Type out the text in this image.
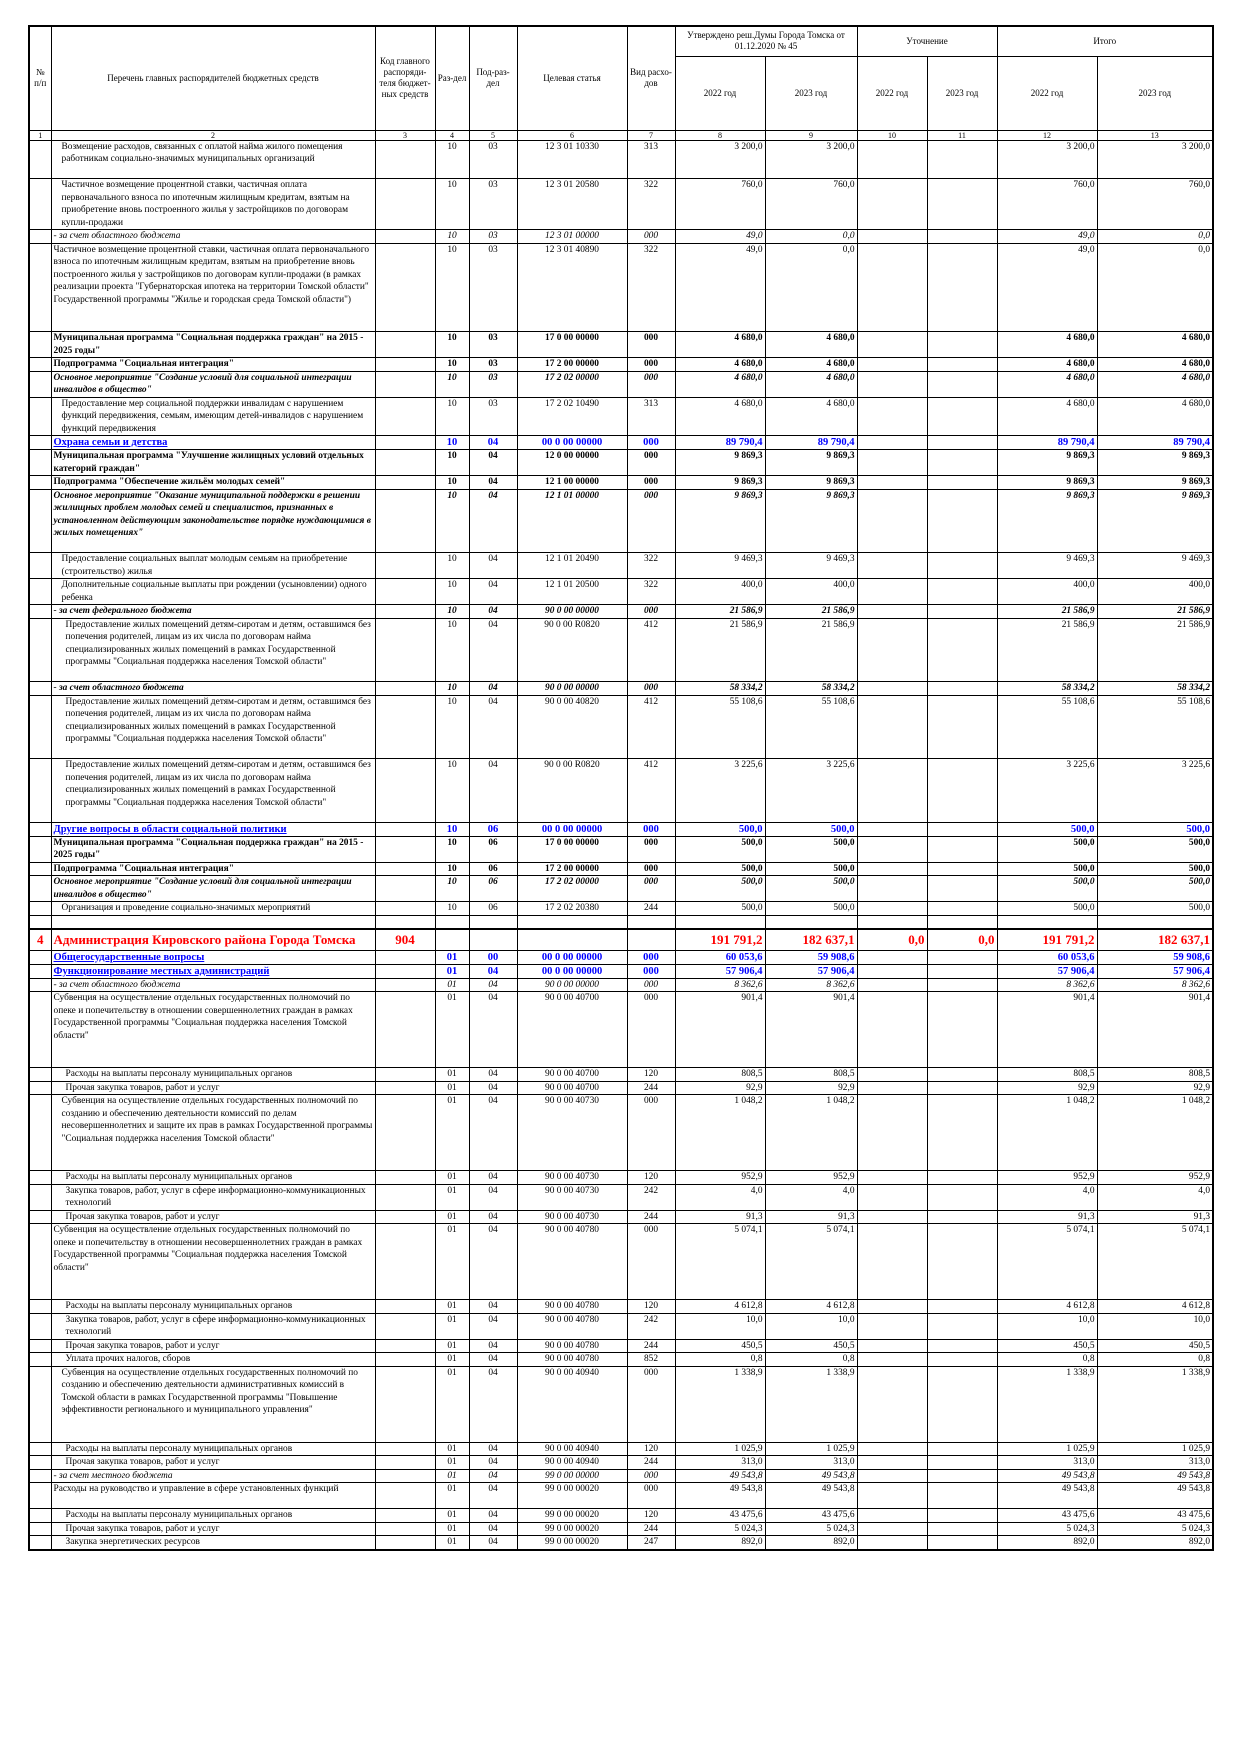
№ п/п	Перечень главных распорядителей бюджетных средств	Код главного распоряди-теля бюджет-ных средств	Раз-дел	Под-раз-дел	Целевая статья	Вид расхо-дов	Утверждено реш.Думы Города Томска от 01.12.2020 № 45		Уточнение		Итого	
							2022 год	2023 год	2022 год	2023 год	2022 год	2023 год
1	2	3	4	5	6	7	8	9	10	11	12	13
	Возмещение расходов, связанных с оплатой найма жилого помещения работникам социально-значимых муниципальных организаций		10	03	12 3 01 10330	313	3 200,0	3 200,0			3 200,0	3 200,0
	Частичное возмещение процентной ставки, частичная оплата первоначального взноса по ипотечным жилищным кредитам, взятым на приобретение вновь построенного жилья у застройщиков по договорам купли-продажи		10	03	12 3 01 20580	322	760,0	760,0			760,0	760,0
	- за счет областного бюджета		10	03	12 3 01 00000	000	49,0	0,0			49,0	0,0
	Частичное возмещение процентной ставки, частичная оплата первоначального взноса по ипотечным жилищным кредитам, взятым на приобретение вновь построенного жилья у застройщиков по договорам купли-продажи (в рамках реализации проекта "Губернаторская ипотека на территории Томской области" Государственной программы "Жилье и городская среда Томской области")		10	03	12 3 01 40890	322	49,0	0,0			49,0	0,0
	Муниципальная программа "Социальная поддержка граждан" на 2015 - 2025 годы"		10	03	17 0 00 00000	000	4 680,0	4 680,0			4 680,0	4 680,0
	Подпрограмма "Социальная интеграция"		10	03	17 2 00 00000	000	4 680,0	4 680,0			4 680,0	4 680,0
	Основное мероприятие "Создание условий для социальной интеграции инвалидов в общество"		10	03	17 2 02 00000	000	4 680,0	4 680,0			4 680,0	4 680,0
	Предоставление мер социальной поддержки инвалидам с нарушением функций передвижения, семьям, имеющим детей-инвалидов с нарушением функций передвижения		10	03	17 2 02 10490	313	4 680,0	4 680,0			4 680,0	4 680,0
	Охрана семьи и детства		10	04	00 0 00 00000	000	89 790,4	89 790,4			89 790,4	89 790,4
	Муниципальная программа "Улучшение жилищных условий отдельных категорий граждан"		10	04	12 0 00 00000	000	9 869,3	9 869,3			9 869,3	9 869,3
	Подпрограмма "Обеспечение жильём молодых семей"		10	04	12 1 00 00000	000	9 869,3	9 869,3			9 869,3	9 869,3
	Основное мероприятие "Оказание муниципальной поддержки в решении жилищных проблем молодых семей и специалистов, признанных в установленном действующим законодательстве порядке нуждающимися в жилых помещениях"		10	04	12 1 01 00000	000	9 869,3	9 869,3			9 869,3	9 869,3
	Предоставление социальных выплат молодым семьям на приобретение (строительство) жилья		10	04	12 1 01 20490	322	9 469,3	9 469,3			9 469,3	9 469,3
	Дополнительные социальные выплаты при рождении (усыновлении) одного ребенка		10	04	12 1 01 20500	322	400,0	400,0			400,0	400,0
	- за счет федерального бюджета		10	04	90 0 00 00000	000	21 586,9	21 586,9			21 586,9	21 586,9
	Предоставление жилых помещений детям-сиротам и детям, оставшимся без попечения родителей, лицам из их числа по договорам найма специализированных жилых помещений в рамках Государственной программы "Социальная поддержка населения Томской области"		10	04	90 0 00 R0820	412	21 586,9	21 586,9			21 586,9	21 586,9
	- за счет областного бюджета		10	04	90 0 00 00000	000	58 334,2	58 334,2			58 334,2	58 334,2
	Предоставление жилых помещений детям-сиротам и детям, оставшимся без попечения родителей, лицам из их числа по договорам найма специализированных жилых помещений в рамках Государственной программы "Социальная поддержка населения Томской области"		10	04	90 0 00 40820	412	55 108,6	55 108,6			55 108,6	55 108,6
	Предоставление жилых помещений детям-сиротам и детям, оставшимся без попечения родителей, лицам из их числа по договорам найма специализированных жилых помещений в рамках Государственной программы "Социальная поддержка населения Томской области"		10	04	90 0 00 R0820	412	3 225,6	3 225,6			3 225,6	3 225,6
	Другие вопросы в области социальной политики		10	06	00 0 00 00000	000	500,0	500,0			500,0	500,0
	Муниципальная программа "Социальная поддержка граждан" на 2015 - 2025 годы"		10	06	17 0 00 00000	000	500,0	500,0			500,0	500,0
	Подпрограмма "Социальная интеграция"		10	06	17 2 00 00000	000	500,0	500,0			500,0	500,0
	Основное мероприятие "Создание условий для социальной интеграции инвалидов в общество"		10	06	17 2 02 00000	000	500,0	500,0			500,0	500,0
	Организация и проведение социально-значимых мероприятий		10	06	17 2 02 20380	244	500,0	500,0			500,0	500,0

4	Администрация Кировского района Города Томска	904					191 791,2	182 637,1	0,0	0,0	191 791,2	182 637,1
	Общегосударственные вопросы		01	00	00 0 00 00000	000	60 053,6	59 908,6			60 053,6	59 908,6
	Функционирование местных администраций		01	04	00 0 00 00000	000	57 906,4	57 906,4			57 906,4	57 906,4
	- за счет областного бюджета		01	04	90 0 00 00000	000	8 362,6	8 362,6			8 362,6	8 362,6
	Субвенция на осуществление отдельных государственных полномочий по опеке и попечительству в отношении совершеннолетних граждан в рамках Государственной программы "Социальная поддержка населения Томской области"		01	04	90 0 00 40700	000	901,4	901,4			901,4	901,4
	Расходы на выплаты персоналу муниципальных органов		01	04	90 0 00 40700	120	808,5	808,5			808,5	808,5
	Прочая закупка товаров, работ и услуг		01	04	90 0 00 40700	244	92,9	92,9			92,9	92,9
	Субвенция на осуществление отдельных государственных полномочий по созданию и обеспечению деятельности комиссий по делам несовершеннолетних и защите их прав в рамках Государственной программы "Социальная поддержка населения Томской области"		01	04	90 0 00 40730	000	1 048,2	1 048,2			1 048,2	1 048,2
	Расходы на выплаты персоналу муниципальных органов		01	04	90 0 00 40730	120	952,9	952,9			952,9	952,9
	Закупка товаров, работ, услуг в сфере информационно-коммуникационных технологий		01	04	90 0 00 40730	242	4,0	4,0			4,0	4,0
	Прочая закупка товаров, работ и услуг		01	04	90 0 00 40730	244	91,3	91,3			91,3	91,3
	Субвенция на осуществление отдельных государственных полномочий по опеке и попечительству в отношении несовершеннолетних граждан в рамках Государственной программы "Социальная поддержка населения Томской области"		01	04	90 0 00 40780	000	5 074,1	5 074,1			5 074,1	5 074,1
	Расходы на выплаты персоналу муниципальных органов		01	04	90 0 00 40780	120	4 612,8	4 612,8			4 612,8	4 612,8
	Закупка товаров, работ, услуг в сфере информационно-коммуникационных технологий		01	04	90 0 00 40780	242	10,0	10,0			10,0	10,0
	Прочая закупка товаров, работ и услуг		01	04	90 0 00 40780	244	450,5	450,5			450,5	450,5
	Уплата прочих налогов, сборов		01	04	90 0 00 40780	852	0,8	0,8			0,8	0,8
	Субвенция на осуществление отдельных государственных полномочий по созданию и обеспечению деятельности административных комиссий в Томской области в рамках Государственной программы "Повышение эффективности регионального и муниципального управления"		01	04	90 0 00 40940	000	1 338,9	1 338,9			1 338,9	1 338,9
	Расходы на выплаты персоналу муниципальных органов		01	04	90 0 00 40940	120	1 025,9	1 025,9			1 025,9	1 025,9
	Прочая закупка товаров, работ и услуг		01	04	90 0 00 40940	244	313,0	313,0			313,0	313,0
	- за счет местного бюджета		01	04	99 0 00 00000	000	49 543,8	49 543,8			49 543,8	49 543,8
	Расходы на руководство и управление в сфере установленных функций		01	04	99 0 00 00020	000	49 543,8	49 543,8			49 543,8	49 543,8
	Расходы на выплаты персоналу муниципальных органов		01	04	99 0 00 00020	120	43 475,6	43 475,6			43 475,6	43 475,6
	Прочая закупка товаров, работ и услуг		01	04	99 0 00 00020	244	5 024,3	5 024,3			5 024,3	5 024,3
	Закупка энергетических ресурсов		01	04	99 0 00 00020	247	892,0	892,0			892,0	892,0
